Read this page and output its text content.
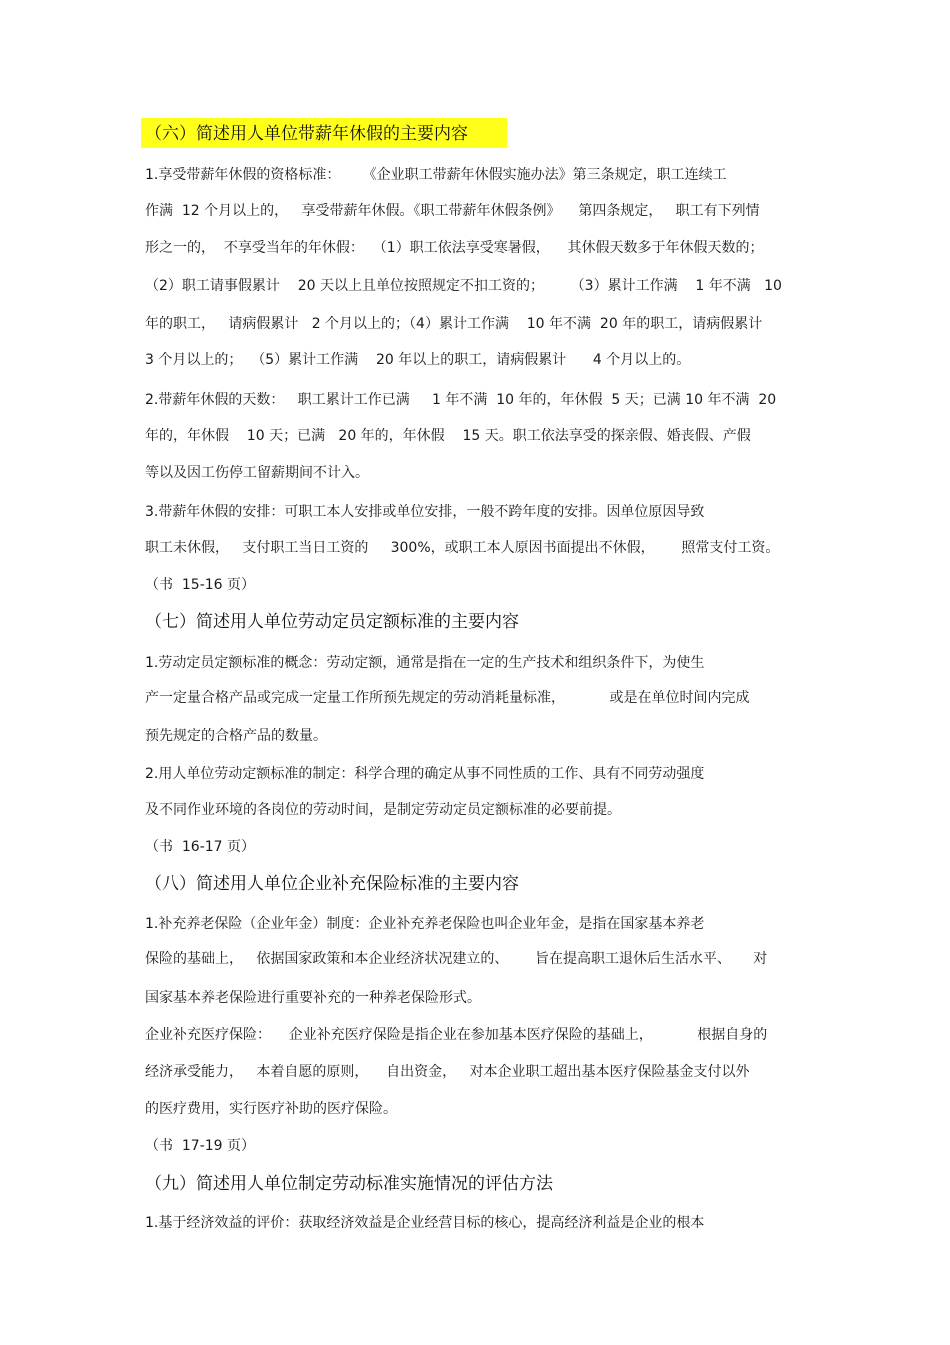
（六）简述用人单位带薪年休假的主要内容
1.享受带薪年休假的资格标准：     《企业职工带薪年休假实施办法》第三条规定，职工连续工
作满  12 个月以上的，   享受带薪年休假。《职工带薪年休假条例》    第四条规定，   职工有下列情
形之一的，  不享受当年的年休假：  （1）职工依法享受寒暑假，    其休假天数多于年休假天数的；
（2）职工请事假累计    20 天以上且单位按照规定不扣工资的；      （3）累计工作满    1 年不满   10
年的职工，   请病假累计   2 个月以上的；（4）累计工作满    10 年不满  20 年的职工，请病假累计
3 个月以上的；  （5）累计工作满    20 年以上的职工，请病假累计      4 个月以上的。
2.带薪年休假的天数：   职工累计工作已满     1 年不满  10 年的，年休假  5 天；已满 10 年不满  20
年的，年休假    10 天；已满   20 年的，年休假    15 天。职工依法享受的探亲假、婚丧假、产假
等以及因工伤停工留薪期间不计入。
3.带薪年休假的安排：可职工本人安排或单位安排，一般不跨年度的安排。因单位原因导致
职工未休假，   支付职工当日工资的     300%，或职工本人原因书面提出不休假，      照常支付工资。
（书  15-16 页）
（七）简述用人单位劳动定员定额标准的主要内容
1.劳动定员定额标准的概念：劳动定额，通常是指在一定的生产技术和组织条件下，为使生
产一定量合格产品或完成一定量工作所预先规定的劳动消耗量标准，          或是在单位时间内完成
预先规定的合格产品的数量。
2.用人单位劳动定额标准的制定：科学合理的确定从事不同性质的工作、具有不同劳动强度
及不同作业环境的各岗位的劳动时间，是制定劳动定员定额标准的必要前提。
（书  16-17 页）
（八）简述用人单位企业补充保险标准的主要内容
1.补充养老保险（企业年金）制度：企业补充养老保险也叫企业年金，是指在国家基本养老
保险的基础上，   依据国家政策和本企业经济状况建立的、      旨在提高职工退休后生活水平、     对
国家基本养老保险进行重要补充的一种养老保险形式。
企业补充医疗保险：    企业补充医疗保险是指企业在参加基本医疗保险的基础上，          根据自身的
经济承受能力，   本着自愿的原则，    自出资金，   对本企业职工超出基本医疗保险基金支付以外
的医疗费用，实行医疗补助的医疗保险。
（书  17-19 页）
（九）简述用人单位制定劳动标准实施情况的评估方法
1.基于经济效益的评价：获取经济效益是企业经营目标的核心，提高经济利益是企业的根本
